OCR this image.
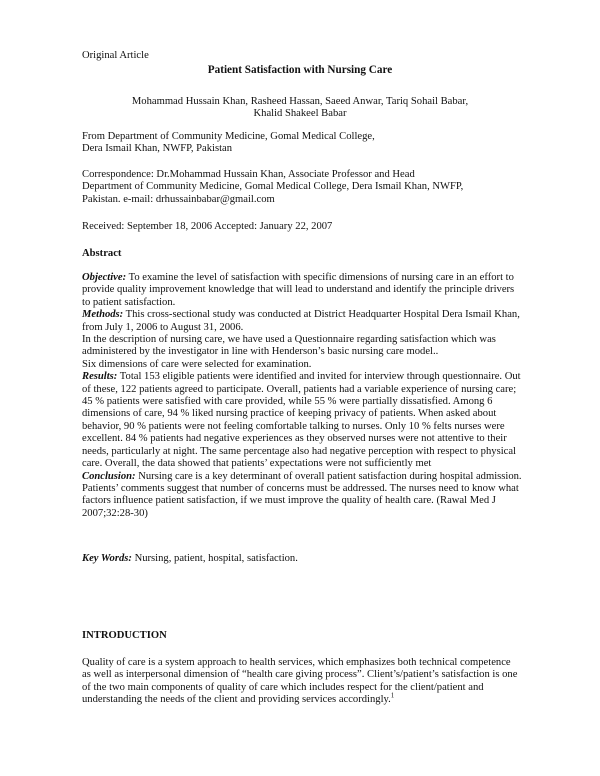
Original Article
Patient Satisfaction with Nursing Care
Mohammad Hussain Khan, Rasheed Hassan, Saeed Anwar, Tariq Sohail Babar,
Khalid Shakeel Babar
From Department of Community Medicine, Gomal Medical College,
Dera Ismail Khan, NWFP, Pakistan
Correspondence: Dr.Mohammad Hussain Khan, Associate Professor and Head
Department of Community Medicine, Gomal Medical College, Dera Ismail Khan, NWFP,
Pakistan. e-mail: drhussainbabar@gmail.com
Received: September 18, 2006 Accepted: January 22, 2007
Abstract

Objective: To examine the level of satisfaction with specific dimensions of nursing care in an effort to provide quality improvement knowledge that will lead to understand and identify the principle drivers to patient satisfaction.

Methods: This cross-sectional study was conducted at District Headquarter Hospital Dera Ismail Khan, from July 1, 2006 to August 31, 2006.

In the description of nursing care, we have used a Questionnaire regarding satisfaction which was administered by the investigator in line with Henderson’s basic nursing care model..

Six dimensions of care were selected for examination.

Results: Total 153 eligible patients were identified and invited for interview through questionnaire. Out of these, 122 patients agreed to participate. Overall, patients had a variable experience of nursing care; 45 % patients were satisfied with care provided, while 55 % were partially dissatisfied. Among 6 dimensions of care, 94 % liked nursing practice of keeping privacy of patients. When asked about behavior, 90 % patients were not feeling comfortable talking to nurses. Only 10 % felts nurses were excellent. 84 % patients had negative experiences as they observed nurses were not attentive to their needs, particularly at night. The same percentage also had negative perception with respect to physical care. Overall, the data showed that patients’ expectations were not sufficiently met

Conclusion: Nursing care is a key determinant of overall patient satisfaction during hospital admission. Patients’ comments suggest that number of concerns must be addressed. The nurses need to know what factors influence patient satisfaction, if we must improve the quality of health care. (Rawal Med J 2007;32:28-30)

Key Words: Nursing, patient, hospital, satisfaction.
INTRODUCTION

Quality of care is a system approach to health services, which emphasizes both technical competence as well as interpersonal dimension of “health care giving process”. Client’s/patient’s satisfaction is one of the two main components of quality of care which includes respect for the client/patient and understanding the needs of the client and providing services accordingly.$^1$
